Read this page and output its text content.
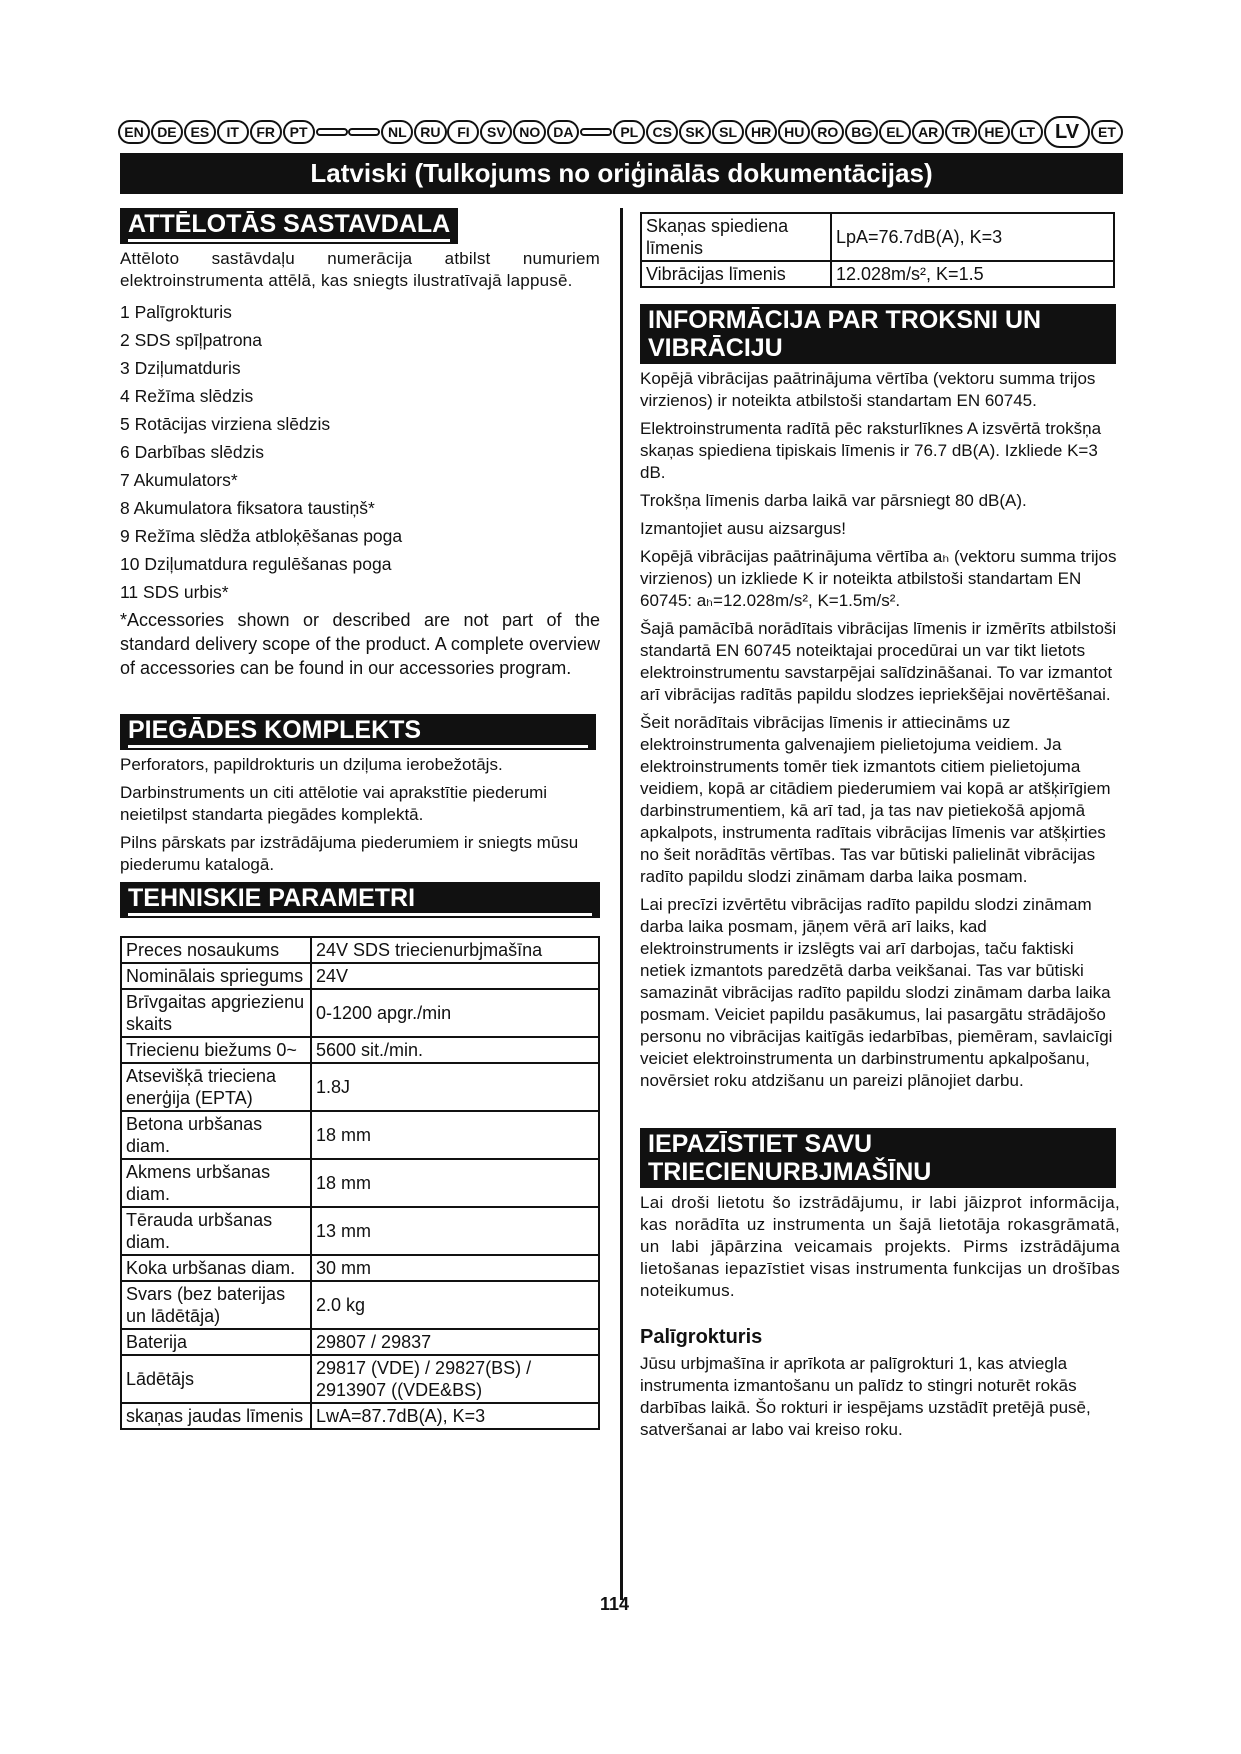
EN DE ES	IT	FR	PT	NL RU	FI	SV NO DA	PL	CS SK	SL HR HU RO BG EL AR TR HE	LT LV	ET
Latviski (Tulkojums no oriģinālās dokumentācijas)
ATTĒLOTĀS SASTAVDALA

Attēloto sastāvdaļu numerācija atbilst numuriem elektroinstrumenta attēlā, kas sniegts ilustratīvajā lappusē.

1 Palīgrokturis
2 SDS spīļpatrona
3 Dziļumatduris
4 Režīma slēdzis
5 Rotācijas virziena slēdzis
6 Darbības slēdzis
7 Akumulators*
8 Akumulatora fiksatora taustiņš*
9 Režīma slēdža atbloķēšanas poga
10 Dziļumatdura regulēšanas poga
11 SDS urbis*

*Accessories shown or described are not part of the standard delivery scope of the product. A complete overview of accessories can be found in our accessories program.

PIEGĀDES KOMPLEKTS

Perforators, papildrokturis un dziļuma ierobežotājs.

Darbinstruments un citi attēlotie vai aprakstītie piederumi neietilpst standarta piegādes komplektā.

Pilns pārskats par izstrādājuma piederumiem ir sniegts mūsu piederumu katalogā.

TEHNISKIE PARAMETRI
Preces nosaukums	24V SDS triecienurbjmašīna
Nominālais spriegums	24V
Brīvgaitas apgriezienu skaits	0-1200 apgr./min
Triecienu biežums 0~	5600 sit./min.
Atsevišķā trieciena enerģija (EPTA)	1.8J
Betona urbšanas diam.	18 mm
Akmens urbšanas diam.	18 mm
Tērauda urbšanas diam.	13 mm
Koka urbšanas diam.	30 mm
Svars (bez baterijas un lādētāja)	2.0 kg
Baterija	29807 / 29837
Lādētājs	29817 (VDE) / 29827(BS) / 2913907 ((VDE&BS)
skaņas jaudas līmenis	LwA=87.7dB(A), K=3
Skaņas spiediena līmenis	LpA=76.7dB(A), K=3
Vibrācijas līmenis	12.028m/s², K=1.5
INFORMĀCIJA PAR TROKSNI UN VIBRĀCIJU

Kopējā vibrācijas paātrinājuma vērtība (vektoru summa trijos virzienos) ir noteikta atbilstoši standartam EN 60745.

Elektroinstrumenta radītā pēc raksturlīknes A izsvērtā trokšņa skaņas spiediena tipiskais līmenis ir 76.7 dB(A). Izkliede K=3 dB.

Trokšņa līmenis darba laikā var pārsniegt 80 dB(A).

Izmantojiet ausu aizsargus!

Kopējā vibrācijas paātrinājuma vērtība aₕ (vektoru summa trijos virzienos) un izkliede K ir noteikta atbilstoši standartam EN 60745: aₕ=12.028m/s², K=1.5m/s².

Šajā pamācībā norādītais vibrācijas līmenis ir izmērīts atbilstoši standartā EN 60745 noteiktajai procedūrai un var tikt lietots elektroinstrumentu savstarpējai salīdzināšanai. To var izmantot arī vibrācijas radītās papildu slodzes iepriekšējai novērtēšanai.

Šeit norādītais vibrācijas līmenis ir attiecināms uz elektroinstrumenta galvenajiem pielietojuma veidiem. Ja elektroinstruments tomēr tiek izmantots citiem pielietojuma veidiem, kopā ar citādiem piederumiem vai kopā ar atšķirīgiem darbinstrumentiem, kā arī tad, ja tas nav pietiekošā apjomā apkalpots, instrumenta radītais vibrācijas līmenis var atšķirties no šeit norādītās vērtības. Tas var būtiski palielināt vibrācijas radīto papildu slodzi zināmam darba laika posmam.

Lai precīzi izvērtētu vibrācijas radīto papildu slodzi zināmam darba laika posmam, jāņem vērā arī laiks, kad elektroinstruments ir izslēgts vai arī darbojas, taču faktiski netiek izmantots paredzētā darba veikšanai. Tas var būtiski samazināt vibrācijas radīto papildu slodzi zināmam darba laika posmam. Veiciet papildu pasākumus, lai pasargātu strādājošo personu no vibrācijas kaitīgās iedarbības, piemēram, savlaicīgi veiciet elektroinstrumenta un darbinstrumentu apkalpošanu, novērsiet roku atdzišanu un pareizi plānojiet darbu.

IEPAZĪSTIET SAVU TRIECIENURBJMAŠĪNU

Lai droši lietotu šo izstrādājumu, ir labi jāizprot informācija, kas norādīta uz instrumenta un šajā lietotāja rokasgrāmatā, un labi jāpārzina veicamais projekts. Pirms izstrādājuma lietošanas iepazīstiet visas instrumenta funkcijas un drošības noteikumus.

Palīgrokturis

Jūsu urbjmašīna ir aprīkota ar palīgrokturi 1, kas atviegla instrumenta izmantošanu un palīdz to stingri noturēt rokās darbības laikā. Šo rokturi ir iespējams uzstādīt pretējā pusē, satveršanai ar labo vai kreiso roku.

114
